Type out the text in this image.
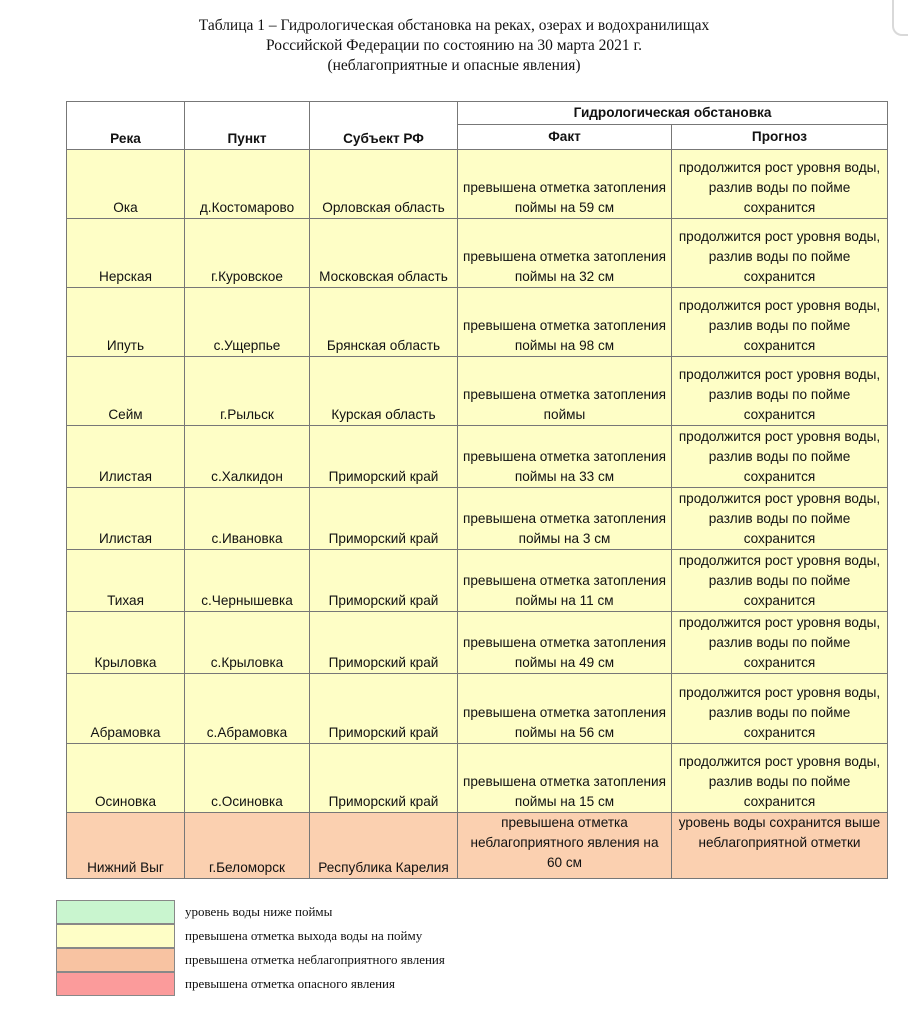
Таблица 1 – Гидрологическая обстановка на реках, озерах и водохранилищах
Российской Федерации по состоянию на 30 марта 2021 г.
(неблагоприятные и опасные явления)
Река	Пункт	Субъект РФ	Гидрологическая обстановка	
			Факт	Прогноз
Ока	д.Костомарово	Орловская область	превышена отметка затопления поймы на 59 см	продолжится рост уровня воды, разлив воды по пойме сохранится
Нерская	г.Куровское	Московская область	превышена отметка затопления поймы на 32 см	продолжится рост уровня воды, разлив воды по пойме сохранится
Ипуть	с.Ущерпье	Брянская область	превышена отметка затопления поймы на 98 см	продолжится рост уровня воды, разлив воды по пойме сохранится
Сейм	г.Рыльск	Курская область	превышена отметка затопления поймы	продолжится рост уровня воды, разлив воды по пойме сохранится
Илистая	с.Халкидон	Приморский край	превышена отметка затопления поймы на 33 см	продолжится рост уровня воды, разлив воды по пойме сохранится
Илистая	с.Ивановка	Приморский край	превышена отметка затопления поймы на 3 см	продолжится рост уровня воды, разлив воды по пойме сохранится
Тихая	с.Чернышевка	Приморский край	превышена отметка затопления поймы на 11 см	продолжится рост уровня воды, разлив воды по пойме сохранится
Крыловка	с.Крыловка	Приморский край	превышена отметка затопления поймы на 49 см	продолжится рост уровня воды, разлив воды по пойме сохранится
Абрамовка	с.Абрамовка	Приморский край	превышена отметка затопления поймы на 56 см	продолжится рост уровня воды, разлив воды по пойме сохранится
Осиновка	с.Осиновка	Приморский край	превышена отметка затопления поймы на 15 см	продолжится рост уровня воды, разлив воды по пойме сохранится
Нижний Выг	г.Беломорск	Республика Карелия	превышена отметка неблагоприятного явления на 60 см	уровень воды сохранится выше неблагоприятной отметки
уровень воды ниже поймы
превышена отметка выхода воды на пойму
превышена отметка неблагоприятного явления
превышена отметка опасного явления
